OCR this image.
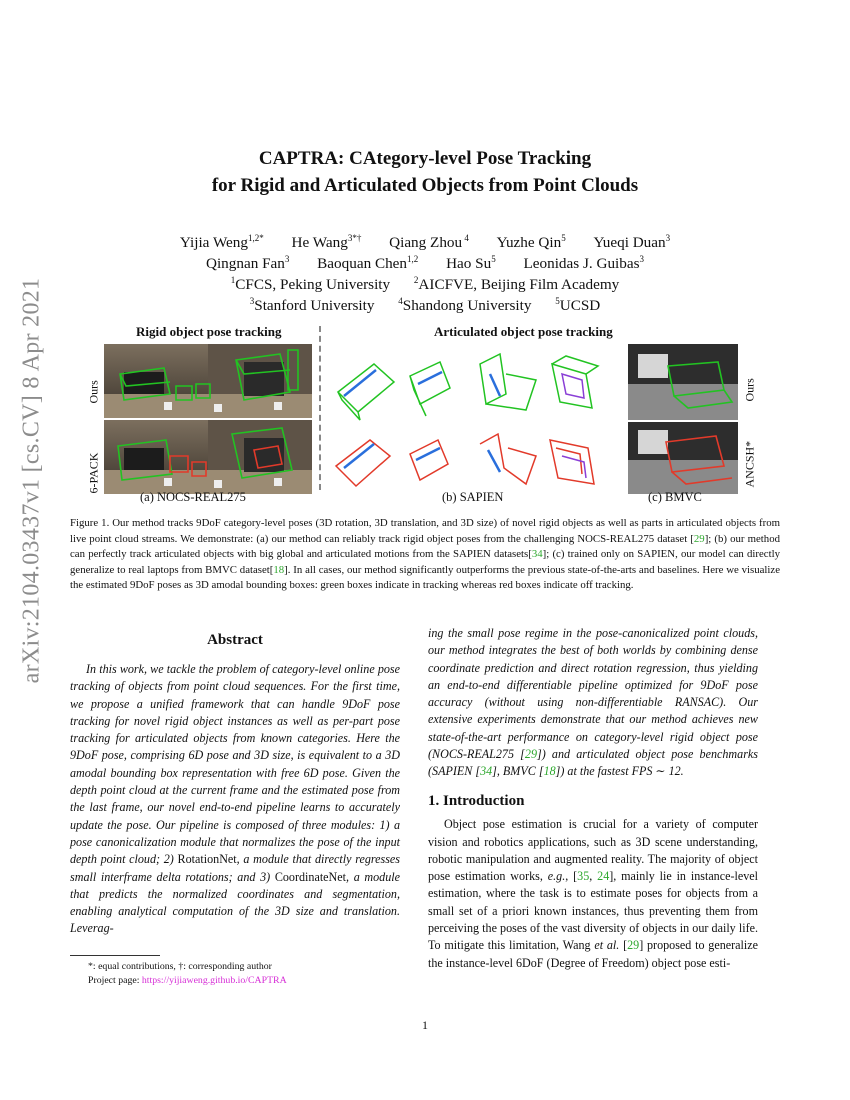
arXiv:2104.03437v1 [cs.CV] 8 Apr 2021
CAPTRA: CAtegory-level Pose Tracking
for Rigid and Articulated Objects from Point Clouds
Yijia Weng$^{1,2*}$ He Wang$^{3*\dagger}$ Qiang Zhou $^4$ Yuzhe Qin$^5$ Yueqi Duan$^3$
Qingnan Fan$^3$ Baoquan Chen$^{1,2}$ Hao Su$^5$ Leonidas J. Guibas$^3$
$^1$CFCS, Peking University	$^2$AICFVE, Beijing Film Academy
$^3$Stanford University	$^4$Shandong University	$^5$UCSD
Rigid object pose tracking	Articulated object pose tracking
Ours
6-PACK
Ours
ANCSH*
(a) NOCS-REAL275	(b) SAPIEN	(c) BMVC
Figure 1. Our method tracks 9DoF category-level poses (3D rotation, 3D translation, and 3D size) of novel rigid objects as well as parts in articulated objects from live point cloud streams. We demonstrate: (a) our method can reliably track rigid object poses from the challenging NOCS-REAL275 dataset [29]; (b) our method can perfectly track articulated objects with big global and articulated motions from the SAPIEN datasets[34]; (c) trained only on SAPIEN, our model can directly generalize to real laptops from BMVC dataset[18]. In all cases, our method significantly outperforms the previous state-of-the-arts and baselines. Here we visualize the estimated 9DoF poses as 3D amodal bounding boxes: green boxes indicate in tracking whereas red boxes indicate off tracking.
Abstract

In this work, we tackle the problem of category-level online pose tracking of objects from point cloud sequences. For the first time, we propose a unified framework that can handle 9DoF pose tracking for novel rigid object instances as well as per-part pose tracking for articulated objects from known categories. Here the 9DoF pose, comprising 6D pose and 3D size, is equivalent to a 3D amodal bounding box representation with free 6D pose. Given the depth point cloud at the current frame and the estimated pose from the last frame, our novel end-to-end pipeline learns to accurately update the pose. Our pipeline is composed of three modules: 1) a pose canonicalization module that normalizes the pose of the input depth point cloud; 2) RotationNet, a module that directly regresses small interframe delta rotations; and 3) CoordinateNet, a module that predicts the normalized coordinates and segmentation, enabling analytical computation of the 3D size and translation. Leverag-

ing the small pose regime in the pose-canonicalized point clouds, our method integrates the best of both worlds by combining dense coordinate prediction and direct rotation regression, thus yielding an end-to-end differentiable pipeline optimized for 9DoF pose accuracy (without using non-differentiable RANSAC). Our extensive experiments demonstrate that our method achieves new state-of-the-art performance on category-level rigid object pose (NOCS-REAL275 [29]) and articulated object pose benchmarks (SAPIEN [34], BMVC [18]) at the fastest FPS ∼ 12.

1. Introduction

Object pose estimation is crucial for a variety of computer vision and robotics applications, such as 3D scene understanding, robotic manipulation and augmented reality. The majority of object pose estimation works, e.g., [35, 24], mainly lie in instance-level estimation, where the task is to estimate poses for objects from a small set of a priori known instances, thus preventing them from perceiving the poses of the vast diversity of objects in our daily life. To mitigate this limitation, Wang et al. [29] proposed to generalize the instance-level 6DoF (Degree of Freedom) object pose esti-

*: equal contributions, †: corresponding author
Project page: https://yijiaweng.github.io/CAPTRA
1
